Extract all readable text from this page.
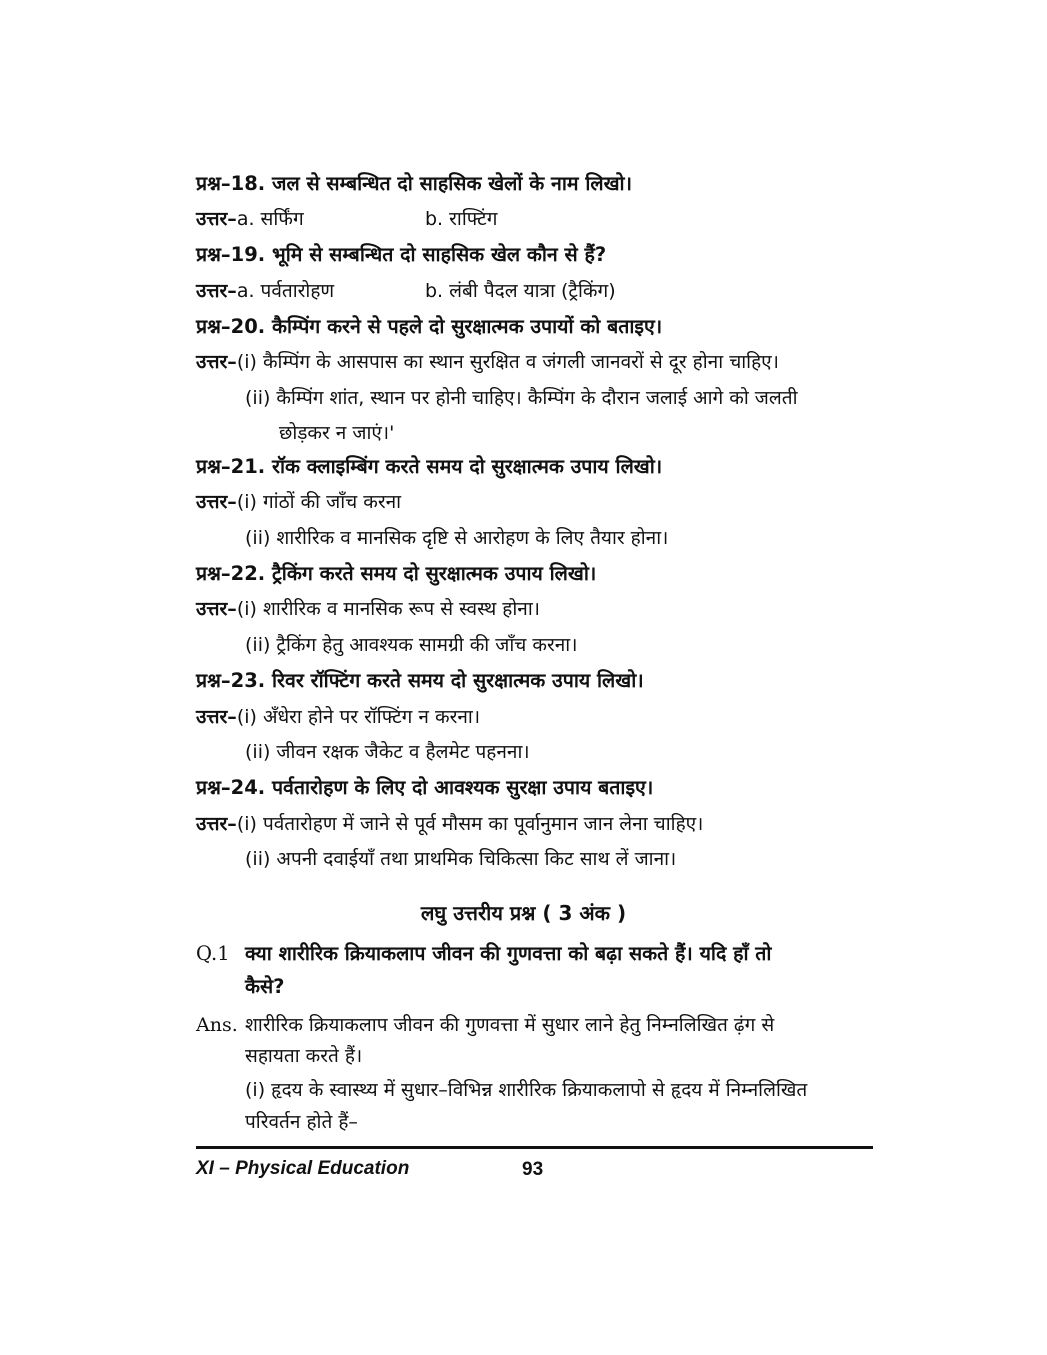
प्रश्न–18. जल से सम्बन्धित दो साहसिक खेलों के नाम लिखो।
उत्तर–a. सर्फिंग	b. राफ्टिंग
प्रश्न–19. भूमि से सम्बन्धित दो साहसिक खेल कौन से हैं?
उत्तर–a. पर्वतारोहण	b. लंबी पैदल यात्रा (ट्रैकिंग)
प्रश्न–20. कैम्पिंग करने से पहले दो सुरक्षात्मक उपायों को बताइए।
उत्तर–(i) कैम्पिंग के आसपास का स्थान सुरक्षित व जंगली जानवरों से दूर होना चाहिए।
(ii) कैम्पिंग शांत, स्थान पर होनी चाहिए। कैम्पिंग के दौरान जलाई आगे को जलती
छोड़कर न जाएं।'
प्रश्न–21. रॉक क्लाइम्बिंग करते समय दो सुरक्षात्मक उपाय लिखो।
उत्तर–(i) गांठों की जाँच करना
(ii) शारीरिक व मानसिक दृष्टि से आरोहण के लिए तैयार होना।
प्रश्न–22. ट्रैकिंग करते समय दो सुरक्षात्मक उपाय लिखो।
उत्तर–(i) शारीरिक व मानसिक रूप से स्वस्थ होना।
(ii) ट्रैकिंग हेतु आवश्यक सामग्री की जाँच करना।
प्रश्न–23. रिवर रॉफ्टिंग करते समय दो सुरक्षात्मक उपाय लिखो।
उत्तर–(i) अँधेरा होने पर रॉफ्टिंग न करना।
(ii) जीवन रक्षक जैकेट व हैलमेट पहनना।
प्रश्न–24. पर्वतारोहण के लिए दो आवश्यक सुरक्षा उपाय बताइए।
उत्तर–(i) पर्वतारोहण में जाने से पूर्व मौसम का पूर्वानुमान जान लेना चाहिए।
(ii) अपनी दवाईयाँ तथा प्राथमिक चिकित्सा किट साथ लें जाना।
लघु उत्तरीय प्रश्न ( 3 अंक )
Q.1 क्या शारीरिक क्रियाकलाप जीवन की गुणवत्ता को बढ़ा सकते हैं। यदि हाँ तो
कैसे?
Ans. शारीरिक क्रियाकलाप जीवन की गुणवत्ता में सुधार लाने हेतु निम्नलिखित ढ़ंग से
सहायता करते हैं।
(i) हृदय के स्वास्थ्य में सुधार–विभिन्न शारीरिक क्रियाकलापो से हृदय में निम्नलिखित
परिवर्तन होते हैं–
XI – Physical Education	93
